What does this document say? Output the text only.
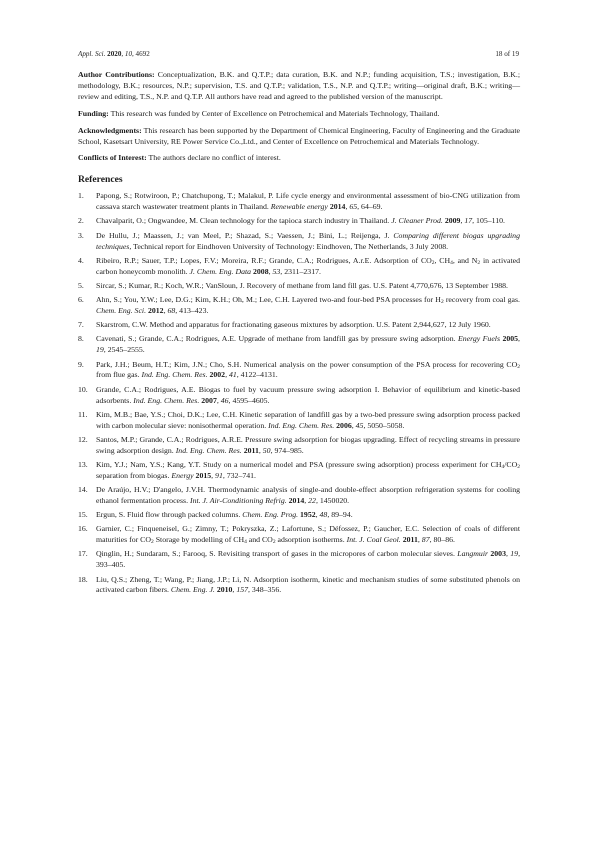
Appl. Sci. 2020, 10, 4692	18 of 19

Author Contributions: Conceptualization, B.K. and Q.T.P.; data curation, B.K. and N.P.; funding acquisition, T.S.; investigation, B.K.; methodology, B.K.; resources, N.P.; supervision, T.S. and Q.T.P.; validation, T.S., N.P. and Q.T.P.; writing—original draft, B.K.; writing—review and editing, T.S., N.P. and Q.T.P. All authors have read and agreed to the published version of the manuscript.

Funding: This research was funded by Center of Excellence on Petrochemical and Materials Technology, Thailand.

Acknowledgments: This research has been supported by the Department of Chemical Engineering, Faculty of Engineering and the Graduate School, Kasetsart University, RE Power Service Co.,Ltd., and Center of Excellence on Petrochemical and Materials Technology.

Conflicts of Interest: The authors declare no conflict of interest.

References
1.	Papong, S.; Rotwiroon, P.; Chatchupong, T.; Malakul, P. Life cycle energy and environmental assessment of bio-CNG utilization from cassava starch wastewater treatment plants in Thailand. Renewable energy 2014, 65, 64–69.
2.	Chavalparit, O.; Ongwandee, M. Clean technology for the tapioca starch industry in Thailand. J. Cleaner Prod. 2009, 17, 105–110.
3.	De Hullu, J.; Maassen, J.; van Meel, P.; Shazad, S.; Vaessen, J.; Bini, L.; Reijenga, J. Comparing different biogas upgrading techniques, Technical report for Eindhoven University of Technology: Eindhoven, The Netherlands, 3 July 2008.
4.	Ribeiro, R.P.; Sauer, T.P.; Lopes, F.V.; Moreira, R.F.; Grande, C.A.; Rodrigues, A.r.E. Adsorption of $CO_2$, $CH_4$, and $N_2$ in activated carbon honeycomb monolith. J. Chem. Eng. Data 2008, 53, 2311–2317.
5.	Sircar, S.; Kumar, R.; Koch, W.R.; VanSloun, J. Recovery of methane from land fill gas. U.S. Patent 4,770,676, 13 September 1988.
6.	Ahn, S.; You, Y.W.; Lee, D.G.; Kim, K.H.; Oh, M.; Lee, C.H. Layered two-and four-bed PSA processes for $H_2$ recovery from coal gas. Chem. Eng. Sci. 2012, 68, 413–423.
7.	Skarstrom, C.W. Method and apparatus for fractionating gaseous mixtures by adsorption. U.S. Patent 2,944,627, 12 July 1960.
8.	Cavenati, S.; Grande, C.A.; Rodrigues, A.E. Upgrade of methane from landfill gas by pressure swing adsorption. Energy Fuels 2005, 19, 2545–2555.
9.	Park, J.H.; Beum, H.T.; Kim, J.N.; Cho, S.H. Numerical analysis on the power consumption of the PSA process for recovering $CO_2$ from flue gas. Ind. Eng. Chem. Res. 2002, 41, 4122–4131.
10.	Grande, C.A.; Rodrigues, A.E. Biogas to fuel by vacuum pressure swing adsorption I. Behavior of equilibrium and kinetic-based adsorbents. Ind. Eng. Chem. Res. 2007, 46, 4595–4605.
11.	Kim, M.B.; Bae, Y.S.; Choi, D.K.; Lee, C.H. Kinetic separation of landfill gas by a two-bed pressure swing adsorption process packed with carbon molecular sieve: nonisothermal operation. Ind. Eng. Chem. Res. 2006, 45, 5050–5058.
12.	Santos, M.P.; Grande, C.A.; Rodrigues, A.R.E. Pressure swing adsorption for biogas upgrading. Effect of recycling streams in pressure swing adsorption design. Ind. Eng. Chem. Res. 2011, 50, 974–985.
13.	Kim, Y.J.; Nam, Y.S.; Kang, Y.T. Study on a numerical model and PSA (pressure swing adsorption) process experiment for $CH_4/CO_2$ separation from biogas. Energy 2015, 91, 732–741.
14.	De Araújo, H.V.; D'angelo, J.V.H. Thermodynamic analysis of single-and double-effect absorption refrigeration systems for cooling ethanol fermentation process. Int. J. Air-Conditioning Refrig. 2014, 22, 1450020.
15.	Ergun, S. Fluid flow through packed columns. Chem. Eng. Prog. 1952, 48, 89–94.
16.	Garnier, C.; Finqueneisel, G.; Zimny, T.; Pokryszka, Z.; Lafortune, S.; Défossez, P.; Gaucher, E.C. Selection of coals of different maturities for $CO_2$ Storage by modelling of $CH_4$ and $CO_2$ adsorption isotherms. Int. J. Coal Geol. 2011, 87, 80–86.
17.	Qinglin, H.; Sundaram, S.; Farooq, S. Revisiting transport of gases in the micropores of carbon molecular sieves. Langmuir 2003, 19, 393–405.
18.	Liu, Q.S.; Zheng, T.; Wang, P.; Jiang, J.P.; Li, N. Adsorption isotherm, kinetic and mechanism studies of some substituted phenols on activated carbon fibers. Chem. Eng. J. 2010, 157, 348–356.
